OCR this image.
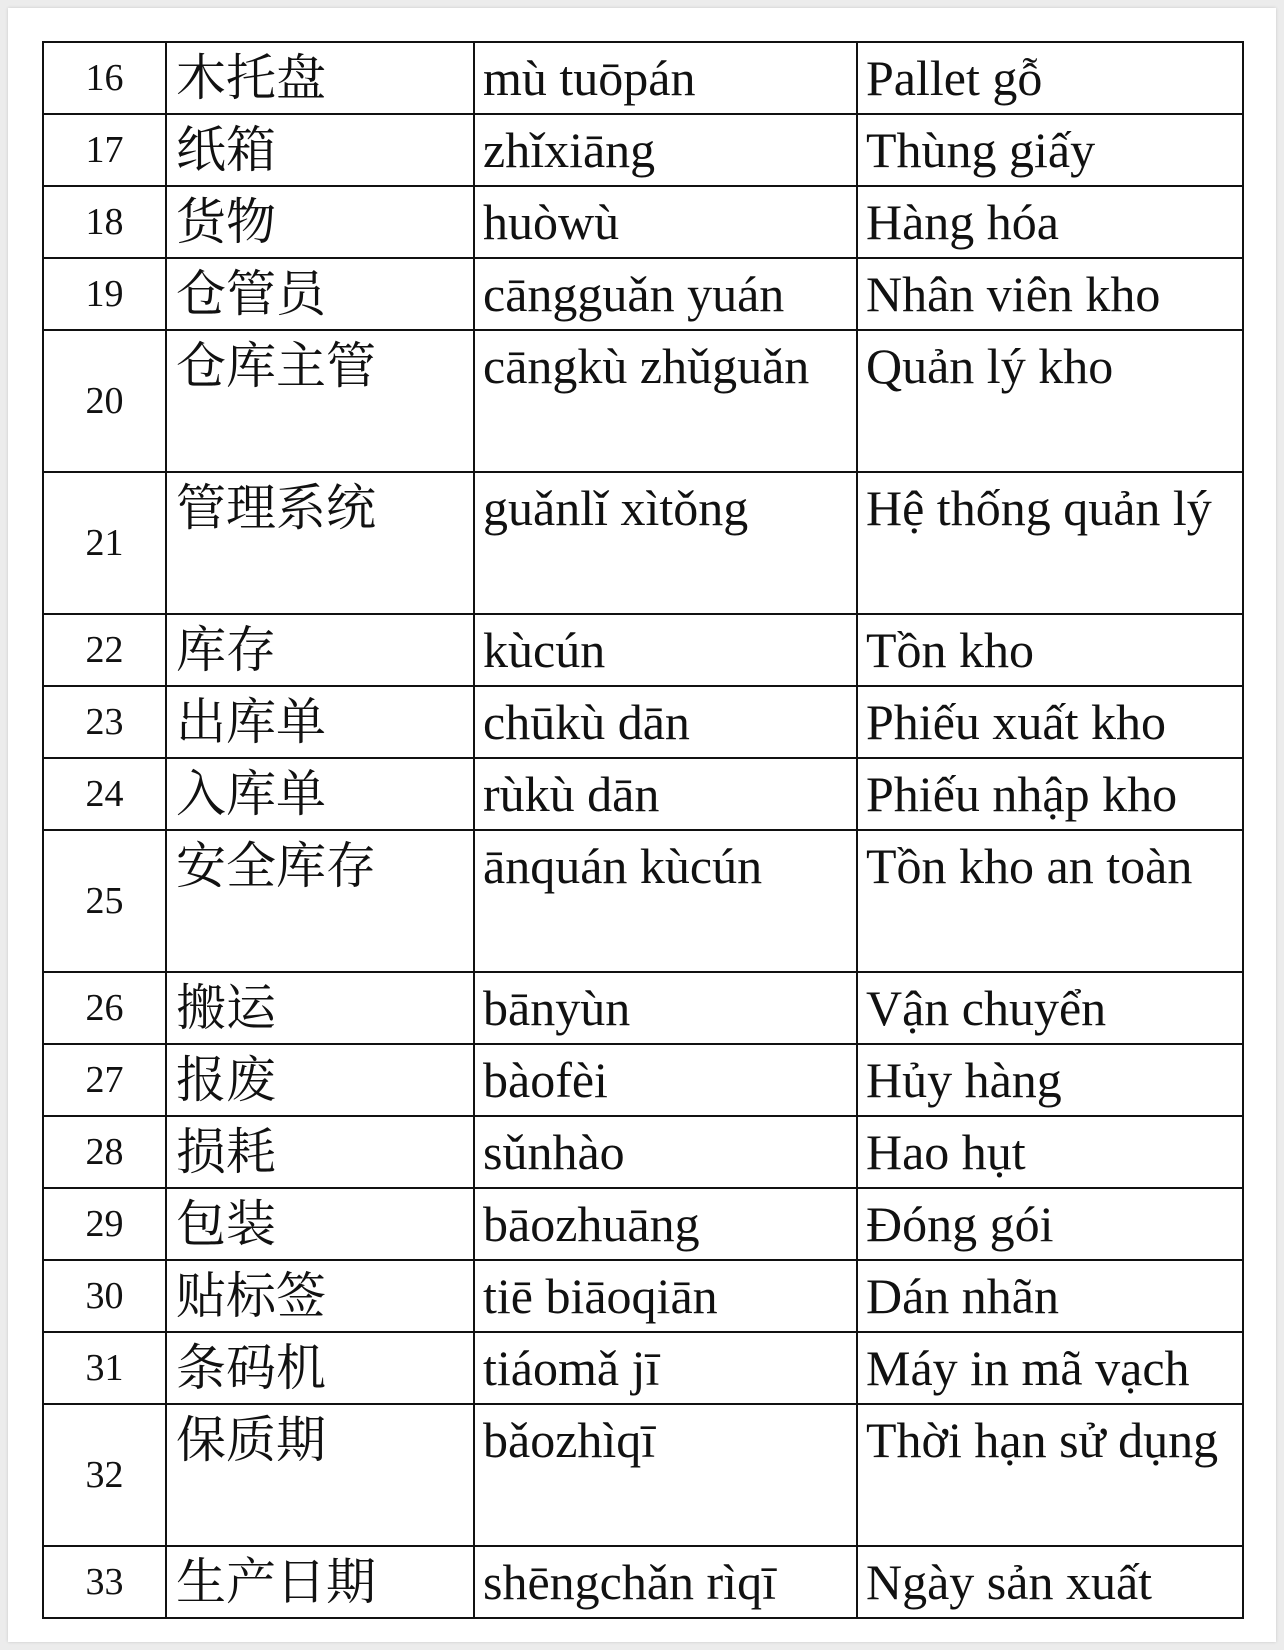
16	木托盘	mù tuōpán	Pallet gỗ
17	纸箱	zhǐxiāng	Thùng giấy
18	货物	huòwù	Hàng hóa
19	仓管员	cāngguǎn yuán	Nhân viên kho
20	仓库主管	cāngkù zhǔguǎn	Quản lý kho
21	管理系统	guǎnlǐ xìtǒng	Hệ thống quản lý
22	库存	kùcún	Tồn kho
23	出库单	chūkù dān	Phiếu xuất kho
24	入库单	rùkù dān	Phiếu nhập kho
25	安全库存	ānquán kùcún	Tồn kho an toàn
26	搬运	bānyùn	Vận chuyển
27	报废	bàofèi	Hủy hàng
28	损耗	sǔnhào	Hao hụt
29	包装	bāozhuāng	Đóng gói
30	贴标签	tiē biāoqiān	Dán nhãn
31	条码机	tiáomǎ jī	Máy in mã vạch
32	保质期	bǎozhìqī	Thời hạn sử dụng
33	生产日期	shēngchǎn rìqī	Ngày sản xuất
